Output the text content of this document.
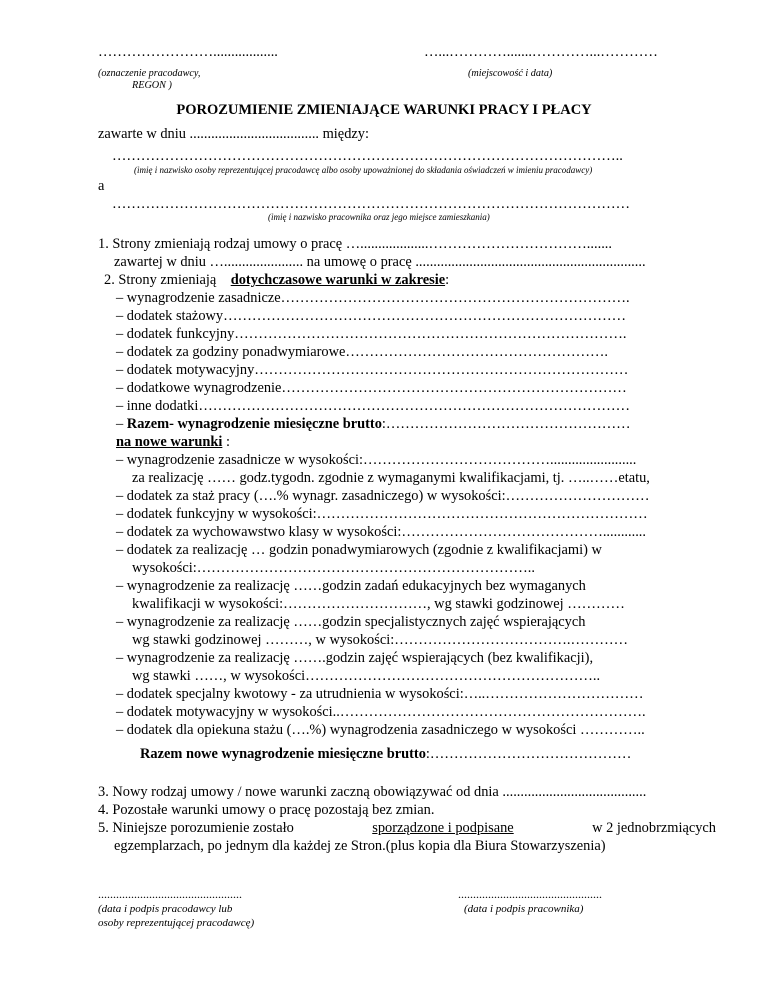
……………………..................	…...………….......…………...…………
(oznaczenie pracodawcy,
REGON )
(miejscowość i data)
POROZUMIENIE ZMIENIAJĄCE WARUNKI PRACY I PŁACY
zawarte w dniu .................................... między:
……………………………………………………………………………………………..
(imię i nazwisko osoby reprezentującej pracodawcę albo osoby upoważnionej do składania oświadczeń w imieniu pracodawcy)
a
………………………………………………………………………………………………
(imię i nazwisko pracownika oraz jego miejsce zamieszkania)
1. Strony zmieniają rodzaj umowy o pracę …...................…………………………….......
zawartej w dniu …...................... na umowę o pracę ................................................................
2. Strony zmieniają dotychczasowe warunki w zakresie:
– wynagrodzenie zasadnicze……………………………………………………………….
– dodatek stażowy…………………………………………………………………………
– dodatek funkcyjny……………………………………………………………………….
– dodatek za godziny ponadwymiarowe……………………………………………….
– dodatek motywacyjny……………………………………………………………………
– dodatkowe wynagrodzenie………………………………………………………………
– inne dodatki………………………………………………………………………………
– Razem- wynagrodzenie miesięczne brutto:……………………………………………
na nowe warunki :
– wynagrodzenie zasadnicze w wysokości:…………………………………........................
za realizację …… godz.tygodn. zgodnie z wymaganymi kwalifikacjami, tj. …..……etatu,
– dodatek za staż pracy (….% wynagr. zasadniczego) w wysokości:…………………………
– dodatek funkcyjny w wysokości:……………………………………………………………
– dodatek za wychowawstwo klasy w wysokości:……………………………………............
– dodatek za realizację … godzin ponadwymiarowych (zgodnie z kwalifikacjami) w
wysokości:……………………………………………………………..
– wynagrodzenie za realizację ……godzin zadań edukacyjnych bez wymaganych
kwalifikacji w wysokości:…………………………, wg stawki godzinowej …………
– wynagrodzenie za realizację ……godzin specjalistycznych zajęć wspierających
wg stawki godzinowej ………, w wysokości:……………………………….…………
– wynagrodzenie za realizację …….godzin zajęć wspierających (bez kwalifikacji),
wg stawki ……, w wysokości……………………………………………………..
– dodatek specjalny kwotowy - za utrudnienia w wysokości:…..……………………………
– dodatek motywacyjny w wysokości..……………………………………………………….
– dodatek dla opiekuna stażu (….%) wynagrodzenia zasadniczego w wysokości …………..
Razem nowe wynagrodzenie miesięczne brutto:……………………………………
3. Nowy rodzaj umowy / nowe warunki zaczną obowiązywać od dnia ........................................
4. Pozostałe warunki umowy o pracę pozostają bez zmian.
5. Niniejsze porozumienie zostało	sporządzone i podpisane	w 2 jednobrzmiących
egzemplarzach, po jednym dla każdej ze Stron.(plus kopia dla Biura Stowarzyszenia)
................................................
(data i podpis pracodawcy lub
osoby reprezentującej pracodawcę)
................................................
(data i podpis pracownika)
